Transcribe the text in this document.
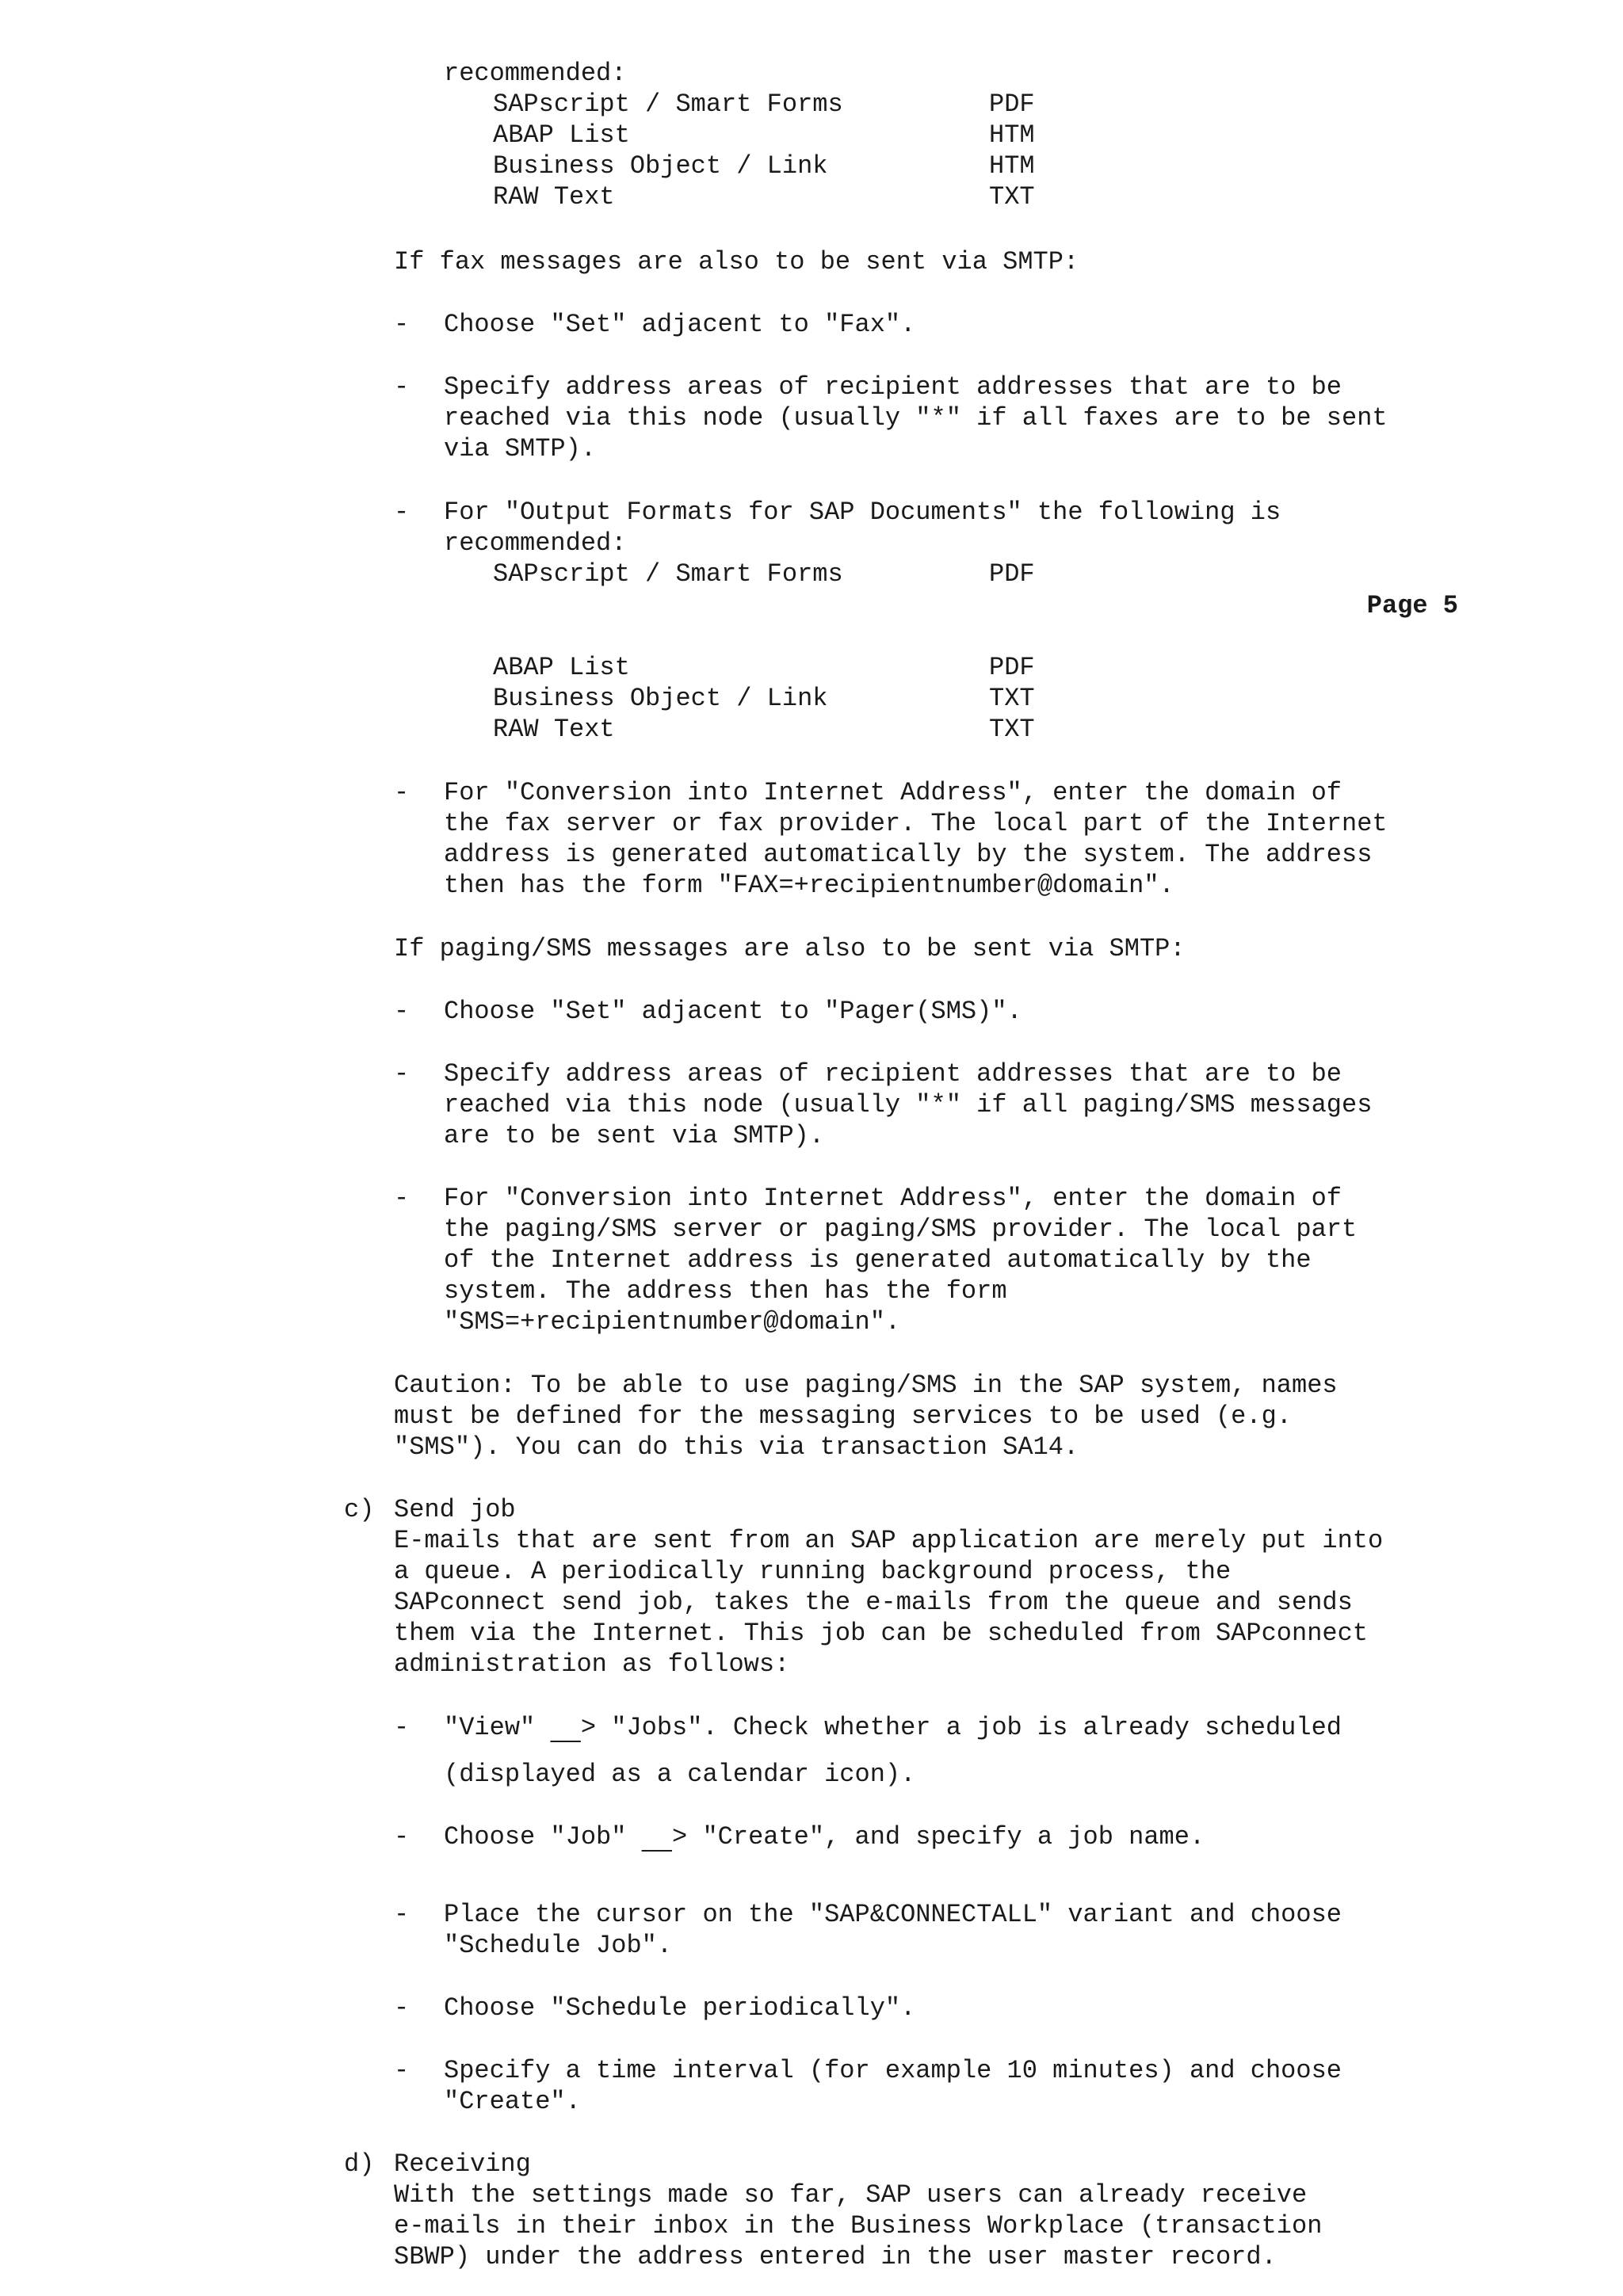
recommended:
SAPscript / Smart Forms	PDF
ABAP List	HTM
Business Object / Link	HTM
RAW Text	TXT
If fax messages are also to be sent via SMTP:
- Choose "Set" adjacent to "Fax".
- Specify address areas of recipient addresses that are to be
reached via this node (usually "*" if all faxes are to be sent
via SMTP).
- For "Output Formats for SAP Documents" the following is
recommended:
SAPscript / Smart Forms	PDF
Page 5
ABAP List	PDF
Business Object / Link	TXT
RAW Text	TXT
- For "Conversion into Internet Address", enter the domain of
the fax server or fax provider. The local part of the Internet
address is generated automatically by the system. The address
then has the form "FAX=+recipientnumber@domain".
If paging/SMS messages are also to be sent via SMTP:
- Choose "Set" adjacent to "Pager(SMS)".
- Specify address areas of recipient addresses that are to be
reached via this node (usually "*" if all paging/SMS messages
are to be sent via SMTP).
- For "Conversion into Internet Address", enter the domain of
the paging/SMS server or paging/SMS provider. The local part
of the Internet address is generated automatically by the
system. The address then has the form
"SMS=+recipientnumber@domain".
Caution: To be able to use paging/SMS in the SAP system, names
must be defined for the messaging services to be used (e.g.
"SMS"). You can do this via transaction SA14.
c) Send job
E-mails that are sent from an SAP application are merely put into
a queue. A periodically running background process, the
SAPconnect send job, takes the e-mails from the queue and sends
them via the Internet. This job can be scheduled from SAPconnect
administration as follows:
- "View"   > "Jobs". Check whether a job is already scheduled
(displayed as a calendar icon).
- Choose "Job"   > "Create", and specify a job name.
- Place the cursor on the "SAP&CONNECTALL" variant and choose
"Schedule Job".
- Choose "Schedule periodically".
- Specify a time interval (for example 10 minutes) and choose
"Create".
d) Receiving
With the settings made so far, SAP users can already receive
e-mails in their inbox in the Business Workplace (transaction
SBWP) under the address entered in the user master record.
